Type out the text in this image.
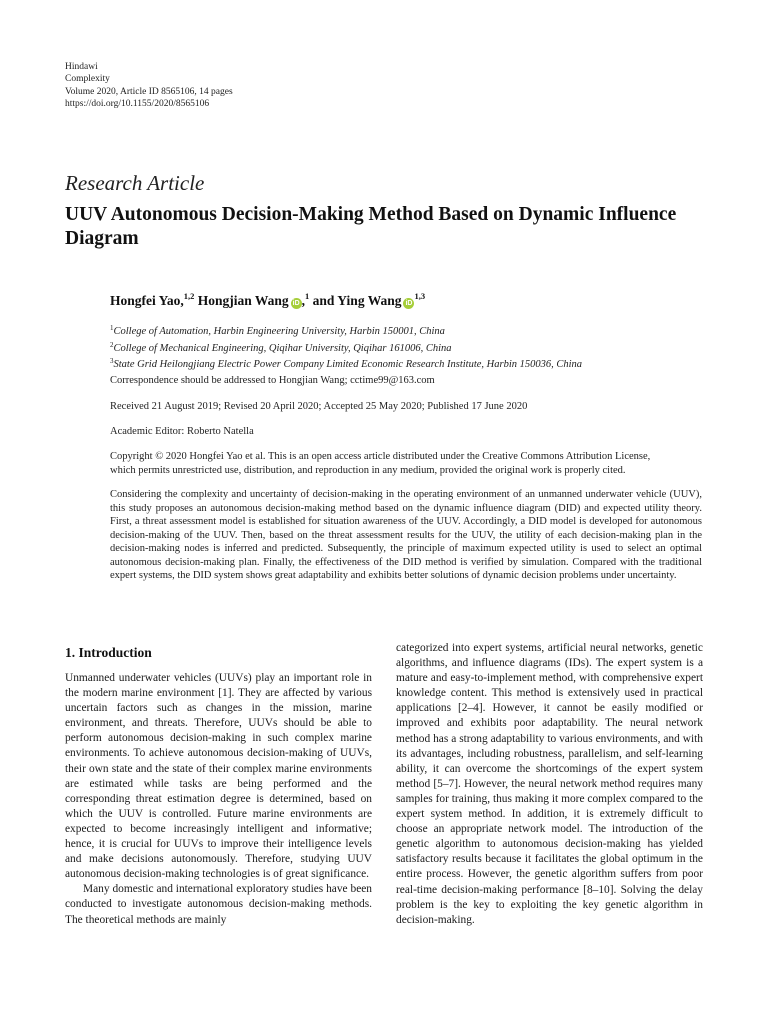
Hindawi
Complexity
Volume 2020, Article ID 8565106, 14 pages
https://doi.org/10.1155/2020/8565106
Research Article
UUV Autonomous Decision-Making Method Based on Dynamic Influence Diagram
Hongfei Yao,$^{1,2}$ Hongjian Wang iD ,$^1$ and Ying Wang iD$^{1,3}$
$^1$College of Automation, Harbin Engineering University, Harbin 150001, China
$^2$College of Mechanical Engineering, Qiqihar University, Qiqihar 161006, China
$^3$State Grid Heilongjiang Electric Power Company Limited Economic Research Institute, Harbin 150036, China
Correspondence should be addressed to Hongjian Wang; cctime99@163.com
Received 21 August 2019; Revised 20 April 2020; Accepted 25 May 2020; Published 17 June 2020
Academic Editor: Roberto Natella
Copyright © 2020 Hongfei Yao et al. This is an open access article distributed under the Creative Commons Attribution License,
which permits unrestricted use, distribution, and reproduction in any medium, provided the original work is properly cited.
Considering the complexity and uncertainty of decision-making in the operating environment of an unmanned underwater vehicle (UUV), this study proposes an autonomous decision-making method based on the dynamic influence diagram (DID) and expected utility theory. First, a threat assessment model is established for situation awareness of the UUV. Accordingly, a DID model is developed for autonomous decision-making of the UUV. Then, based on the threat assessment results for the UUV, the utility of each decision-making plan in the decision-making nodes is inferred and predicted. Subsequently, the principle of maximum expected utility is used to select an optimal autonomous decision-making plan. Finally, the effectiveness of the DID method is verified by simulation. Compared with the traditional expert systems, the DID system shows great adaptability and exhibits better solutions of dynamic decision problems under uncertainty.
1. Introduction

Unmanned underwater vehicles (UUVs) play an important role in the modern marine environment [1]. They are affected by various uncertain factors such as changes in the mission, marine environment, and threats. Therefore, UUVs should be able to perform autonomous decision-making in such complex marine environments. To achieve autonomous decision-making of UUVs, their own state and the state of their complex marine environments are estimated while tasks are being performed and the corresponding threat estimation degree is determined, based on which the UUV is controlled. Future marine environments are expected to become increasingly intelligent and informative; hence, it is crucial for UUVs to improve their intelligence levels and make decisions autonomously. Therefore, studying UUV autonomous decision-making technologies is of great significance.

Many domestic and international exploratory studies have been conducted to investigate autonomous decision-making methods. The theoretical methods are mainly

categorized into expert systems, artificial neural networks, genetic algorithms, and influence diagrams (IDs). The expert system is a mature and easy-to-implement method, with comprehensive expert knowledge content. This method is extensively used in practical applications [2–4]. However, it cannot be easily modified or improved and exhibits poor adaptability. The neural network method has a strong adaptability to various environments, and with its advantages, including robustness, parallelism, and self-learning ability, it can overcome the shortcomings of the expert system method [5–7]. However, the neural network method requires many samples for training, thus making it more complex compared to the expert system method. In addition, it is extremely difficult to choose an appropriate network model. The introduction of the genetic algorithm to autonomous decision-making has yielded satisfactory results because it facilitates the global optimum in the entire process. However, the genetic algorithm suffers from poor real-time decision-making performance [8–10]. Solving the delay problem is the key to exploiting the key genetic algorithm in decision-making.
